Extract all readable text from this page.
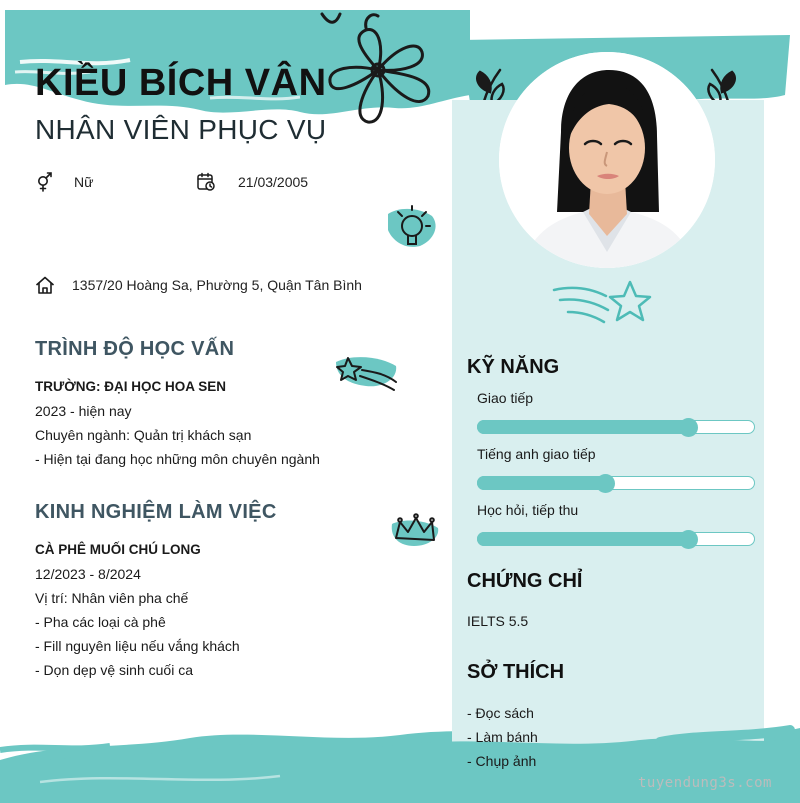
KIỀU BÍCH VÂN
NHÂN VIÊN PHỤC VỤ
Nữ	21/03/2005
1357/20 Hoàng Sa, Phường 5, Quận Tân Bình
TRÌNH ĐỘ HỌC VẤN
TRƯỜNG: ĐẠI HỌC HOA SEN
2023 - hiện nay
Chuyên ngành: Quản trị khách sạn
- Hiện tại đang học những môn chuyên ngành
KINH NGHIỆM LÀM VIỆC
CÀ PHÊ MUỐI CHÚ LONG
12/2023 - 8/2024
Vị trí: Nhân viên pha chế
- Pha các loại cà phê
- Fill nguyên liệu nếu vắng khách
- Dọn dẹp vệ sinh cuối ca
KỸ NĂNG
Giao tiếp
Tiếng anh giao tiếp
Học hỏi, tiếp thu
CHỨNG CHỈ
IELTS 5.5
SỞ THÍCH
- Đọc sách
- Làm bánh
- Chụp ảnh
tuyendung3s.com
